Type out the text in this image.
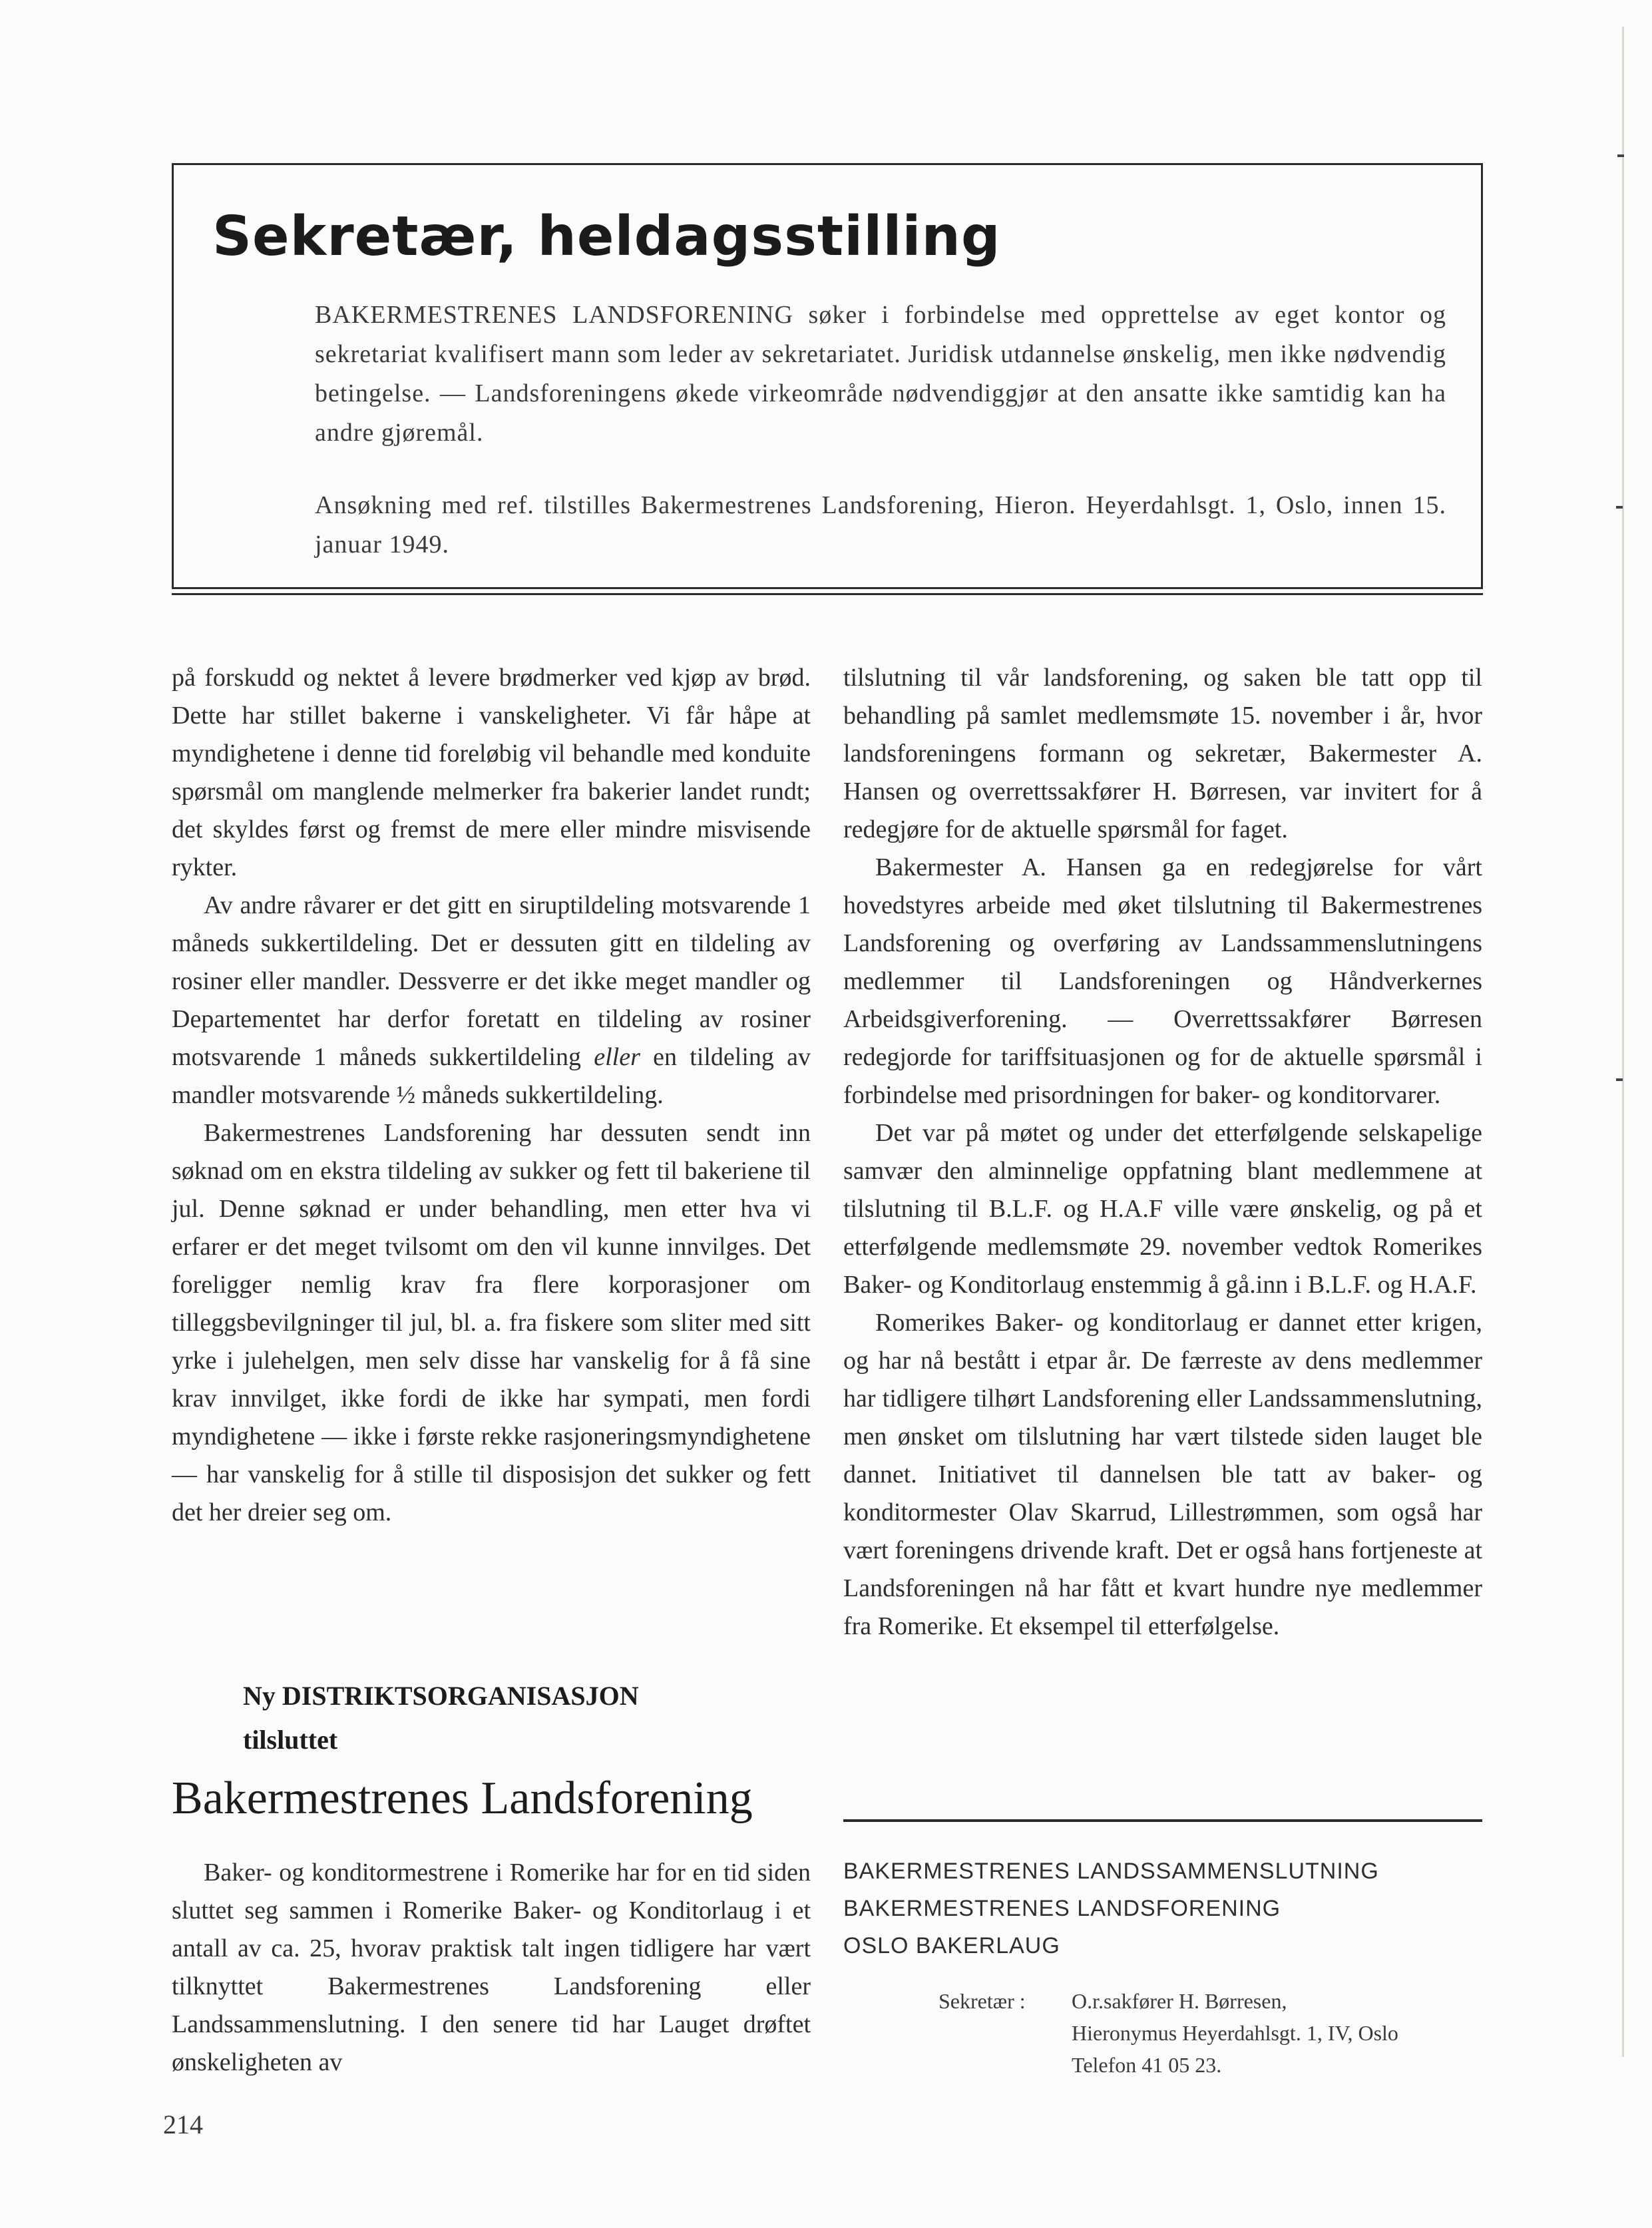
Sekretær, heldagsstilling

BAKERMESTRENES LANDSFORENING søker i forbindelse med opprettelse av eget kontor og sekretariat kvalifisert mann som leder av sekretariatet. Juridisk utdannelse ønskelig, men ikke nødvendig betingelse. — Landsforeningens økede virkeområde nødvendiggjør at den ansatte ikke samtidig kan ha andre gjøremål.

Ansøkning med ref. tilstilles Bakermestrenes Landsforening, Hieron. Heyerdahlsgt. 1, Oslo, innen 15. januar 1949.

på forskudd og nektet å levere brødmerker ved kjøp av brød. Dette har stillet bakerne i vanskeligheter. Vi får håpe at myndighetene i denne tid foreløbig vil behandle med konduite spørsmål om manglende melmerker fra bakerier landet rundt; det skyldes først og fremst de mere eller mindre misvisende rykter.

Av andre råvarer er det gitt en siruptildeling motsvarende 1 måneds sukkertildeling. Det er dessuten gitt en tildeling av rosiner eller mandler. Dessverre er det ikke meget mandler og Departementet har derfor foretatt en tildeling av rosiner motsvarende 1 måneds sukkertildeling eller en tildeling av mandler motsvarende ½ måneds sukkertildeling.

Bakermestrenes Landsforening har dessuten sendt inn søknad om en ekstra tildeling av sukker og fett til bakeriene til jul. Denne søknad er under behandling, men etter hva vi erfarer er det meget tvilsomt om den vil kunne innvilges. Det foreligger nemlig krav fra flere korporasjoner om tilleggsbevilgninger til jul, bl. a. fra fiskere som sliter med sitt yrke i julehelgen, men selv disse har vanskelig for å få sine krav innvilget, ikke fordi de ikke har sympati, men fordi myndighetene — ikke i første rekke rasjoneringsmyndighetene — har vanskelig for å stille til disposisjon det sukker og fett det her dreier seg om.

Ny DISTRIKTSORGANISASJON
tilsluttet
Bakermestrenes Landsforening

Baker- og konditormestrene i Romerike har for en tid siden sluttet seg sammen i Romerike Baker- og Konditorlaug i et antall av ca. 25, hvorav praktisk talt ingen tidligere har vært tilknyttet Bakermestrenes Landsforening eller Landssammenslutning. I den senere tid har Lauget drøftet ønskeligheten av

tilslutning til vår landsforening, og saken ble tatt opp til behandling på samlet medlemsmøte 15. november i år, hvor landsforeningens formann og sekretær, Bakermester A. Hansen og overrettssakfører H. Børresen, var invitert for å redegjøre for de aktuelle spørsmål for faget.

Bakermester A. Hansen ga en redegjørelse for vårt hovedstyres arbeide med øket tilslutning til Bakermestrenes Landsforening og overføring av Landssammenslutningens medlemmer til Landsforeningen og Håndverkernes Arbeidsgiverforening. — Overrettssakfører Børresen redegjorde for tariffsituasjonen og for de aktuelle spørsmål i forbindelse med prisordningen for baker- og konditorvarer.

Det var på møtet og under det etterfølgende selskapelige samvær den alminnelige oppfatning blant medlemmene at tilslutning til B.L.F. og H.A.F ville være ønskelig, og på et etterfølgende medlemsmøte 29. november vedtok Romerikes Baker- og Konditorlaug enstemmig å gå.inn i B.L.F. og H.A.F.

Romerikes Baker- og konditorlaug er dannet etter krigen, og har nå bestått i etpar år. De færreste av dens medlemmer har tidligere tilhørt Landsforening eller Landssammenslutning, men ønsket om tilslutning har vært tilstede siden lauget ble dannet. Initiativet til dannelsen ble tatt av baker- og konditormester Olav Skarrud, Lillestrømmen, som også har vært foreningens drivende kraft. Det er også hans fortjeneste at Landsforeningen nå har fått et kvart hundre nye medlemmer fra Romerike. Et eksempel til etterfølgelse.

BAKERMESTRENES LANDSSAMMENSLUTNING
BAKERMESTRENES LANDSFORENING
OSLO BAKERLAUG
Sekretær : O.r.sakfører H. Børresen,
Hieronymus Heyerdahlsgt. 1, IV, Oslo
Telefon 41 05 23.
214
